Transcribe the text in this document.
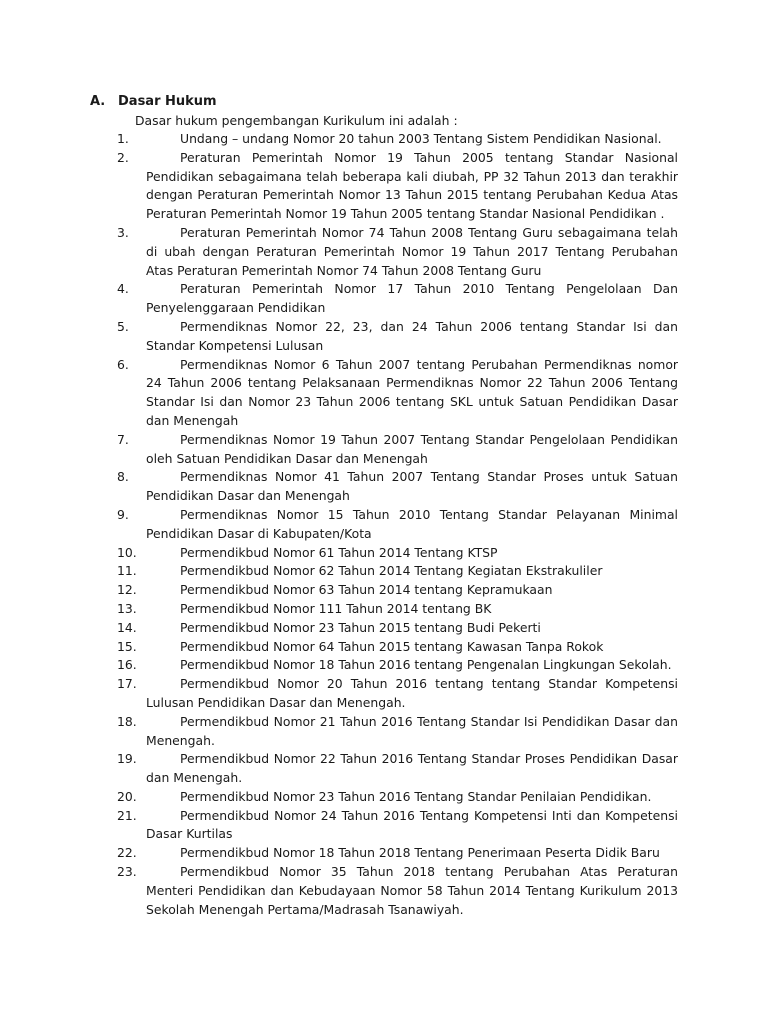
A. Dasar Hukum
Dasar hukum pengembangan Kurikulum ini adalah :
1.	Undang – undang Nomor 20 tahun 2003 Tentang Sistem Pendidikan Nasional.
2.	Peraturan Pemerintah Nomor 19 Tahun 2005 tentang Standar Nasional Pendidikan sebagaimana telah beberapa kali diubah, PP 32 Tahun 2013 dan terakhir dengan Peraturan Pemerintah Nomor 13 Tahun 2015 tentang Perubahan Kedua Atas Peraturan Pemerintah Nomor 19 Tahun 2005 tentang Standar Nasional Pendidikan .
3.	Peraturan Pemerintah Nomor 74 Tahun 2008 Tentang Guru sebagaimana telah di ubah dengan Peraturan Pemerintah Nomor 19 Tahun 2017 Tentang Perubahan Atas Peraturan Pemerintah Nomor 74 Tahun 2008 Tentang Guru
4.	Peraturan Pemerintah Nomor 17 Tahun 2010 Tentang Pengelolaan Dan Penyelenggaraan Pendidikan
5.	Permendiknas Nomor 22, 23, dan 24 Tahun 2006 tentang Standar Isi dan Standar Kompetensi Lulusan
6.	Permendiknas Nomor 6 Tahun 2007 tentang Perubahan Permendiknas nomor 24 Tahun 2006 tentang Pelaksanaan Permendiknas Nomor 22 Tahun 2006 Tentang Standar Isi dan Nomor 23 Tahun 2006 tentang SKL untuk Satuan Pendidikan Dasar dan Menengah
7.	Permendiknas Nomor 19 Tahun 2007 Tentang Standar Pengelolaan Pendidikan oleh Satuan Pendidikan Dasar dan Menengah
8.	Permendiknas Nomor 41 Tahun 2007 Tentang Standar Proses untuk Satuan Pendidikan Dasar dan Menengah
9.	Permendiknas Nomor 15 Tahun 2010 Tentang Standar Pelayanan Minimal Pendidikan Dasar di Kabupaten/Kota
10.	Permendikbud Nomor 61 Tahun 2014 Tentang KTSP
11.	Permendikbud Nomor 62 Tahun 2014 Tentang Kegiatan Ekstrakuliler
12.	Permendikbud Nomor 63 Tahun 2014 tentang Kepramukaan
13.	Permendikbud Nomor 111 Tahun 2014 tentang BK
14.	Permendikbud Nomor 23 Tahun 2015 tentang Budi Pekerti
15.	Permendikbud Nomor 64 Tahun 2015 tentang Kawasan Tanpa Rokok
16.	Permendikbud Nomor 18 Tahun 2016 tentang Pengenalan Lingkungan Sekolah.
17.	Permendikbud Nomor 20 Tahun 2016 tentang tentang Standar Kompetensi Lulusan Pendidikan Dasar dan Menengah.
18.	Permendikbud Nomor 21 Tahun 2016 Tentang Standar Isi Pendidikan Dasar dan Menengah.
19.	Permendikbud Nomor 22 Tahun 2016 Tentang Standar Proses Pendidikan Dasar dan Menengah.
20.	Permendikbud Nomor 23 Tahun 2016 Tentang Standar Penilaian Pendidikan.
21.	Permendikbud Nomor 24 Tahun 2016 Tentang Kompetensi Inti dan Kompetensi Dasar Kurtilas
22.	Permendikbud Nomor 18 Tahun 2018 Tentang Penerimaan Peserta Didik Baru
23.	Permendikbud Nomor 35 Tahun 2018 tentang Perubahan Atas Peraturan Menteri Pendidikan dan Kebudayaan Nomor 58 Tahun 2014 Tentang Kurikulum 2013 Sekolah Menengah Pertama/Madrasah Tsanawiyah.
